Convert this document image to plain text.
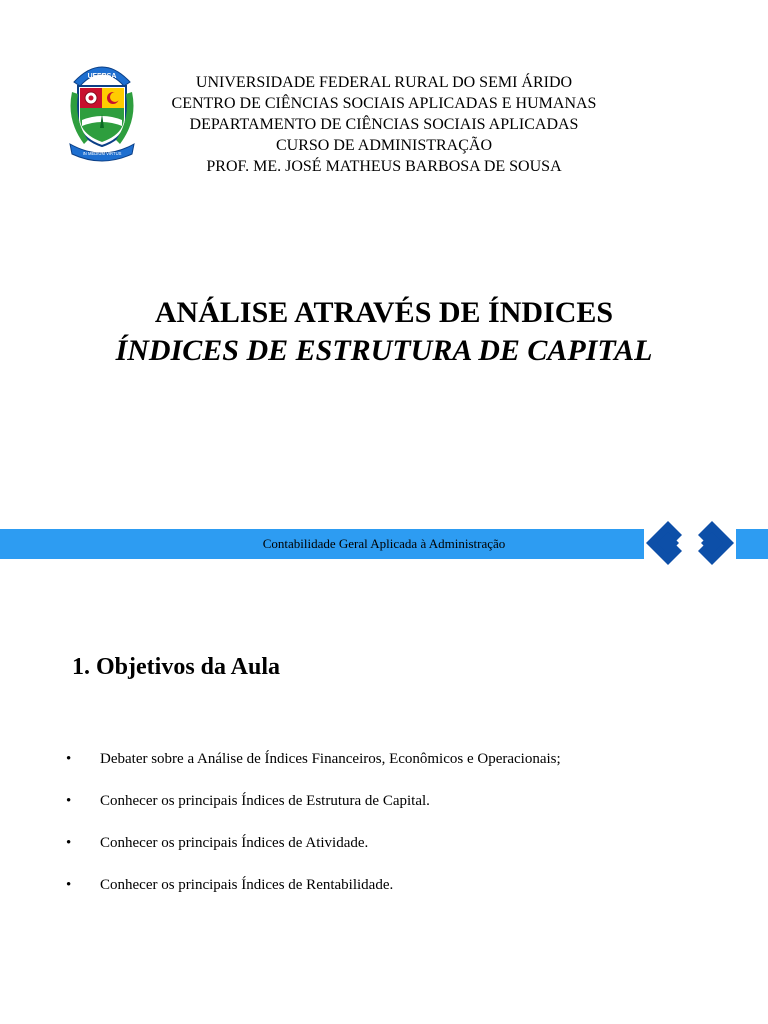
UFERSA
IN MEDIUM VIRTUS
UNIVERSIDADE FEDERAL RURAL DO SEMI ÁRIDO
CENTRO DE CIÊNCIAS SOCIAIS APLICADAS E HUMANAS
DEPARTAMENTO DE CIÊNCIAS SOCIAIS APLICADAS
CURSO DE ADMINISTRAÇÃO
PROF. ME. JOSÉ MATHEUS BARBOSA DE SOUSA
ANÁLISE ATRAVÉS DE ÍNDICES
ÍNDICES DE ESTRUTURA DE CAPITAL
Contabilidade Geral Aplicada à Administração
1. Objetivos da Aula
•	Debater sobre a Análise de Índices Financeiros, Econômicos e Operacionais;
•	Conhecer os principais Índices de Estrutura de Capital.
•	Conhecer os principais Índices de Atividade.
•	Conhecer os principais Índices de Rentabilidade.
